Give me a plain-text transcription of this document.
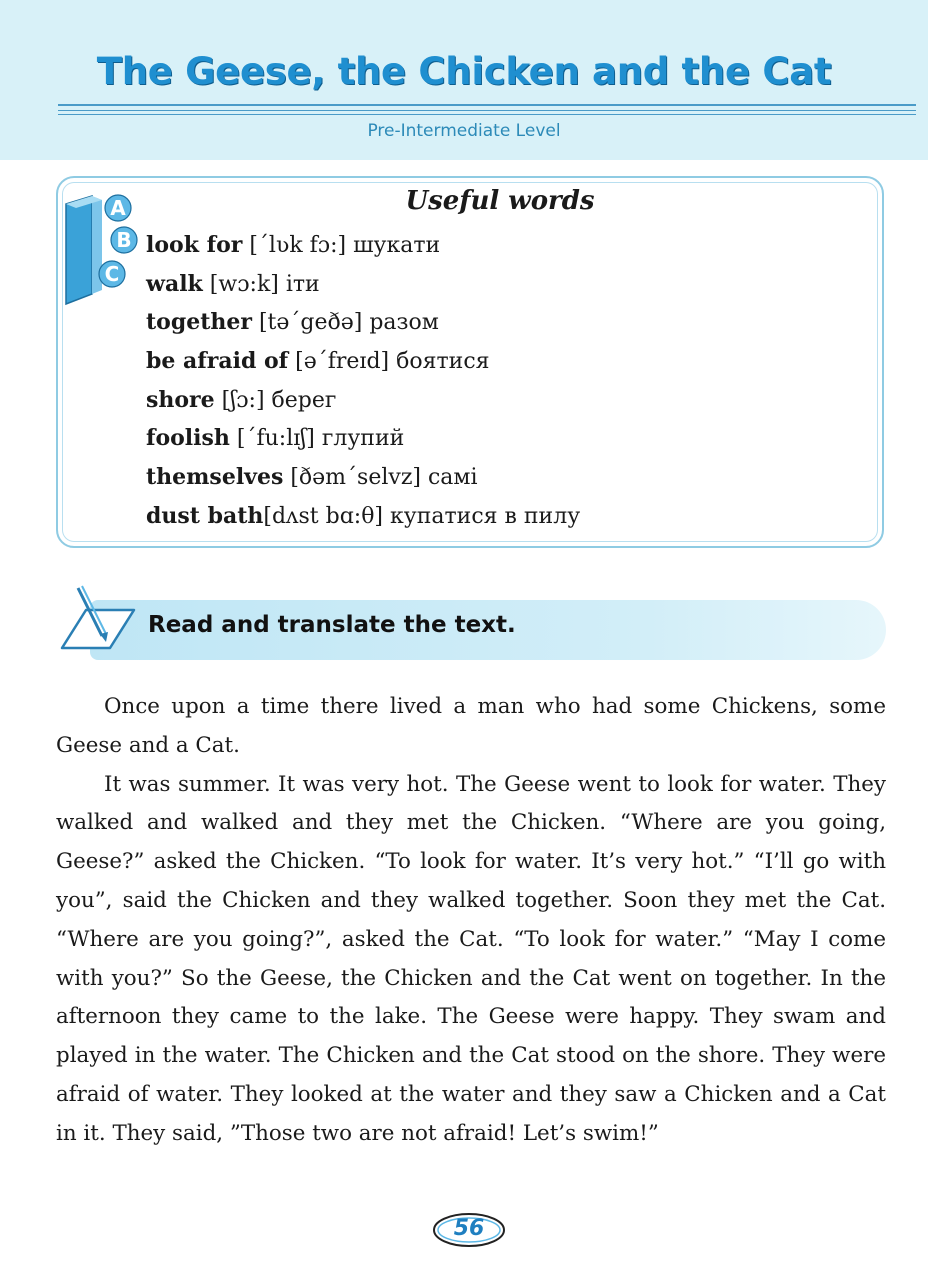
The Geese, the Chicken and the Cat
Pre-Intermediate Level
A
B
C
Useful words
look for [ˊlʋk fɔ:] шукати
walk [wɔ:k] іти
together [təˊgeðə] разом
be afraid of [əˊfreɪd] боятися
shore [ʃɔ:] берег
foolish [ˊfu:lɪʃ] глупий
themselves [ðəmˊselvz] самі
dust bath[dʌst bɑ:θ] купатися в пилу
Read and translate the text.

Once upon a time there lived a man who had some Chickens, some Geese and a Cat.

It was summer. It was very hot. The Geese went to look for water. They walked and walked and they met the Chicken. “Where are you going, Geese?” asked the Chicken. “To look for water. It’s very hot.” “I’ll go with you”, said the Chicken and they walked together. Soon they met the Cat. “Where are you going?”, asked the Cat. “To look for water.” “May I come with you?” So the Geese, the Chicken and the Cat went on together. In the afternoon they came to the lake. The Geese were happy. They swam and played in the water. The Chicken and the Cat stood on the shore. They were afraid of water. They looked at the water and they saw a Chicken and a Cat in it. They said, ”Those two are not afraid! Let’s swim!”

56
